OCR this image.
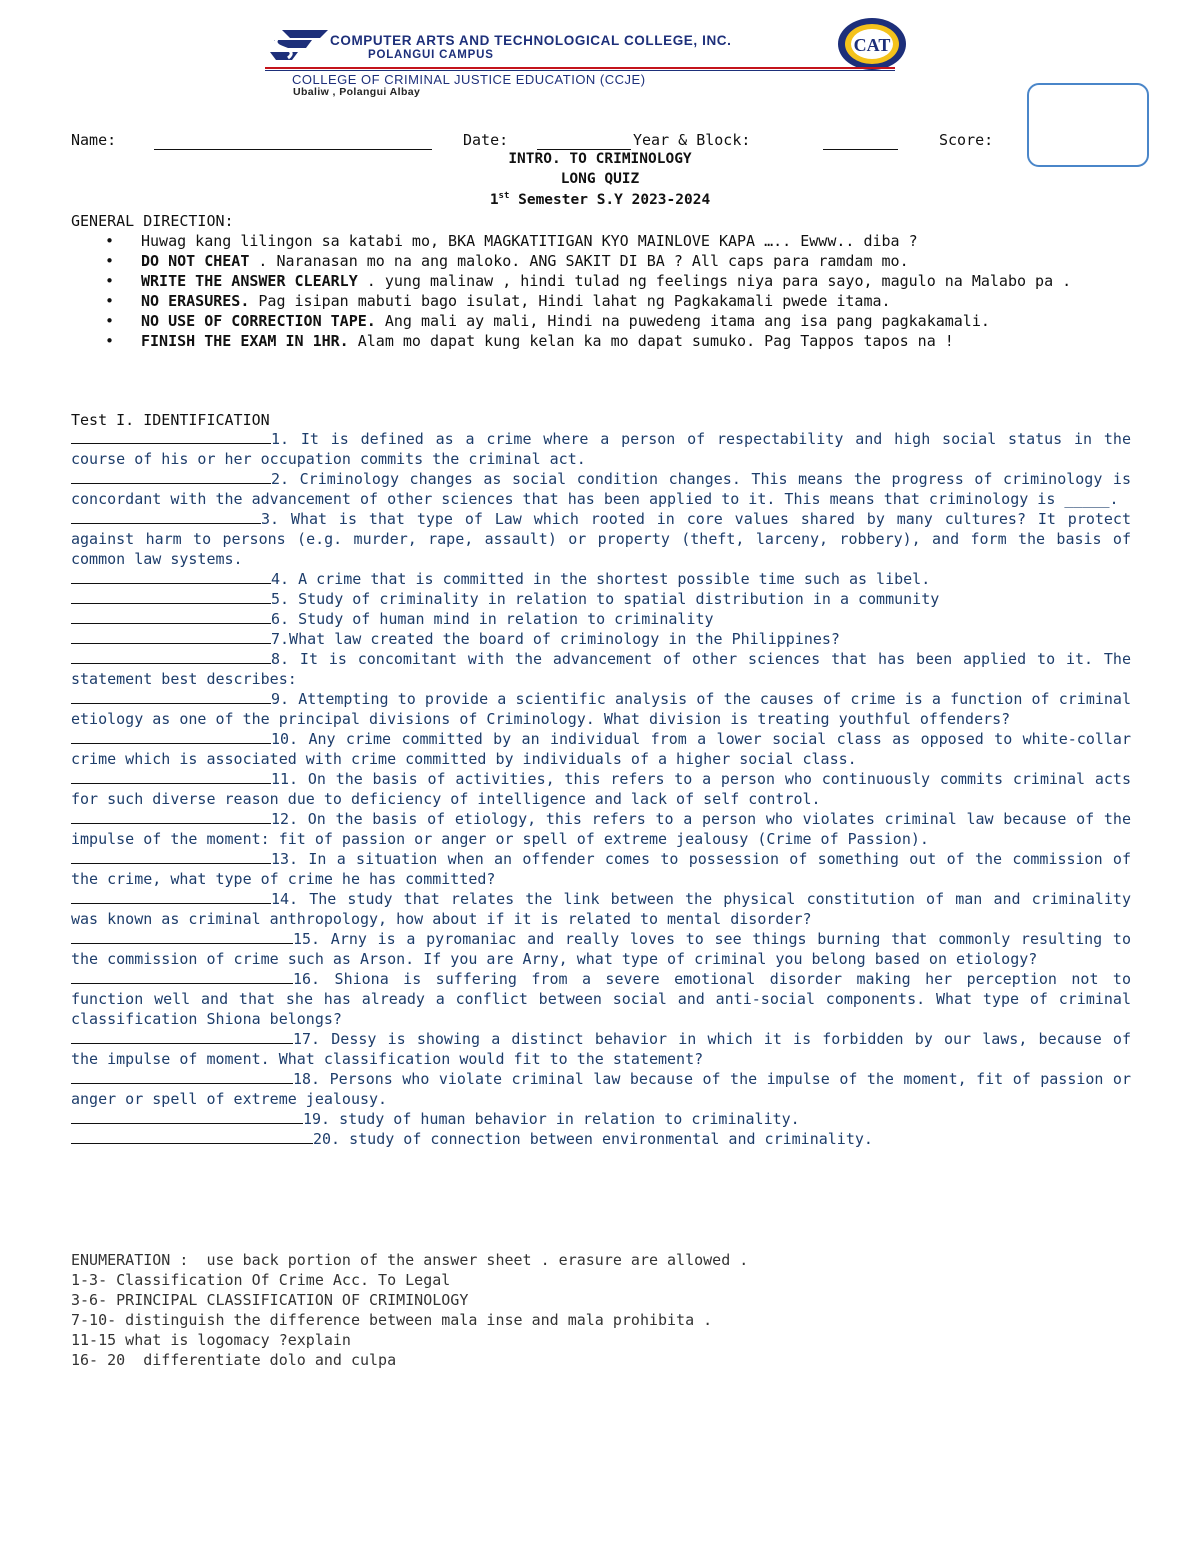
COMPUTER ARTS AND TECHNOLOGICAL COLLEGE, INC.
POLANGUI CAMPUS	CAT
COLLEGE OF CRIMINAL JUSTICE EDUCATION (CCJE)
Ubaliw , Polangui Albay
Name:	Date:	Year & Block:	Score:
INTRO. TO CRIMINOLOGY
LONG QUIZ
1st Semester S.Y 2023-2024
GENERAL DIRECTION:
• Huwag kang lilingon sa katabi mo, BKA MAGKATITIGAN KYO MAINLOVE KAPA ….. Ewww.. diba ?
• DO NOT CHEAT . Naranasan mo na ang maloko. ANG SAKIT DI BA ? All caps para ramdam mo.
• WRITE THE ANSWER CLEARLY . yung malinaw , hindi tulad ng feelings niya para sayo, magulo na Malabo pa .
• NO ERASURES. Pag isipan mabuti bago isulat, Hindi lahat ng Pagkakamali pwede itama.
• NO USE OF CORRECTION TAPE. Ang mali ay mali, Hindi na puwedeng itama ang isa pang pagkakamali.
• FINISH THE EXAM IN 1HR. Alam mo dapat kung kelan ka mo dapat sumuko. Pag Tappos tapos na !
Test I. IDENTIFICATION
1. It is defined as a crime where a person of respectability and high social status in the course of his or her occupation commits the criminal act.
2. Criminology changes as social condition changes. This means the progress of criminology is concordant with the advancement of other sciences that has been applied to it. This means that criminology is _____.
3. What is that type of Law which rooted in core values shared by many cultures? It protect against harm to persons (e.g. murder, rape, assault) or property (theft, larceny, robbery), and form the basis of common law systems.
4. A crime that is committed in the shortest possible time such as libel.
5. Study of criminality in relation to spatial distribution in a community
6. Study of human mind in relation to criminality
7.What law created the board of criminology in the Philippines?
8. It is concomitant with the advancement of other sciences that has been applied to it. The statement best describes:
9. Attempting to provide a scientific analysis of the causes of crime is a function of criminal etiology as one of the principal divisions of Criminology. What division is treating youthful offenders?
10. Any crime committed by an individual from a lower social class as opposed to white-collar crime which is associated with crime committed by individuals of a higher social class.
11. On the basis of activities, this refers to a person who continuously commits criminal acts for such diverse reason due to deficiency of intelligence and lack of self control.
12. On the basis of etiology, this refers to a person who violates criminal law because of the impulse of the moment: fit of passion or anger or spell of extreme jealousy (Crime of Passion).
13. In a situation when an offender comes to possession of something out of the commission of the crime, what type of crime he has committed?
14. The study that relates the link between the physical constitution of man and criminality was known as criminal anthropology, how about if it is related to mental disorder?
15. Arny is a pyromaniac and really loves to see things burning that commonly resulting to the commission of crime such as Arson. If you are Arny, what type of criminal you belong based on etiology?
16. Shiona is suffering from a severe emotional disorder making her perception not to function well and that she has already a conflict between social and anti-social components. What type of criminal classification Shiona belongs?
17. Dessy is showing a distinct behavior in which it is forbidden by our laws, because of the impulse of moment. What classification would fit to the statement?
18. Persons who violate criminal law because of the impulse of the moment, fit of passion or anger or spell of extreme jealousy.
19. study of human behavior in relation to criminality.
20. study of connection between environmental and criminality.
ENUMERATION :  use back portion of the answer sheet . erasure are allowed .
1-3- Classification Of Crime Acc. To Legal
3-6- PRINCIPAL CLASSIFICATION OF CRIMINOLOGY
7-10- distinguish the difference between mala inse and mala prohibita .
11-15 what is logomacy ?explain
16- 20  differentiate dolo and culpa
